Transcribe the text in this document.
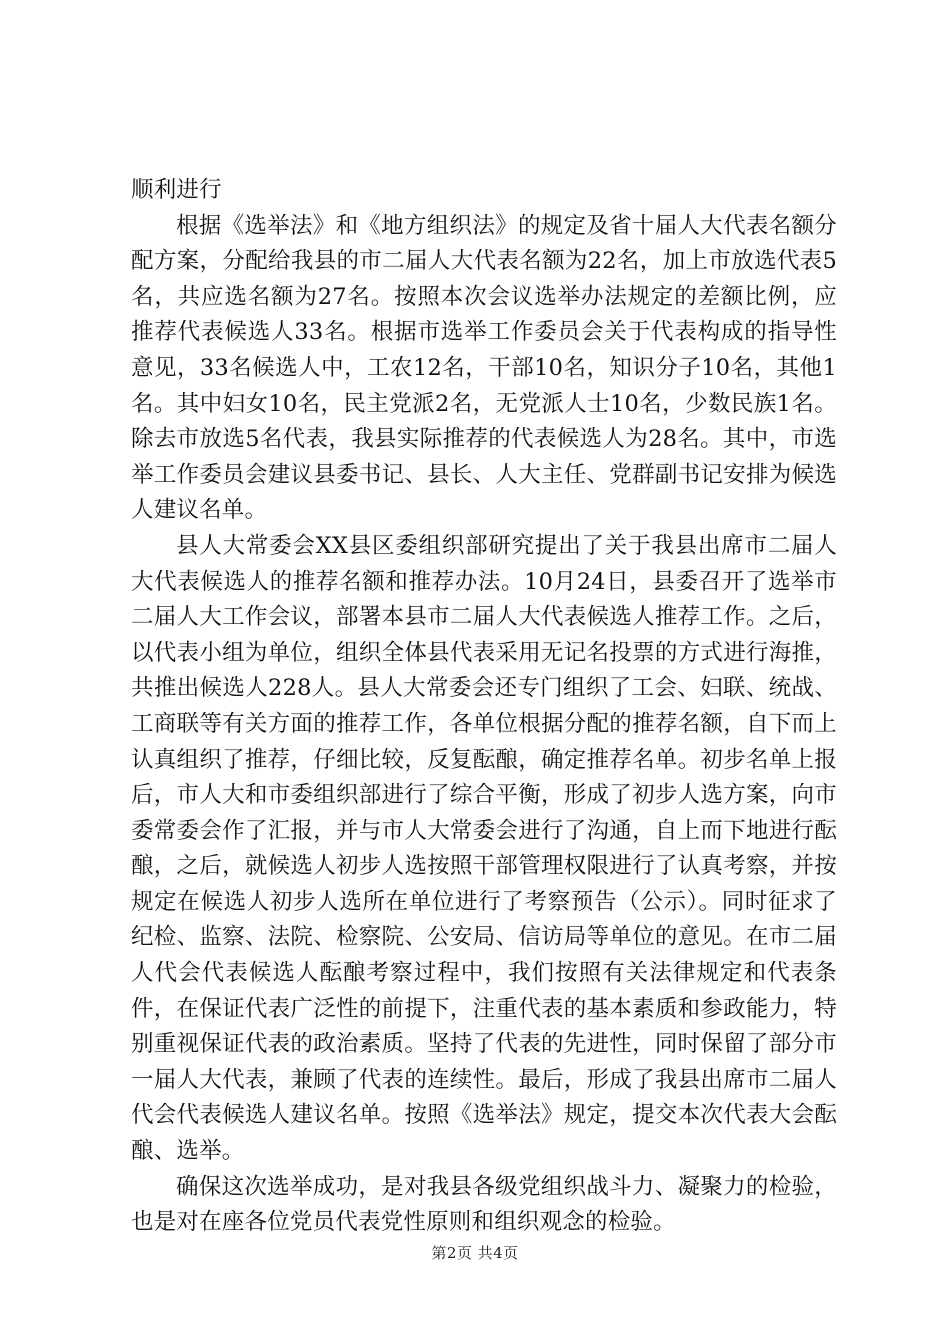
顺利进行

根据《选举法》和《地方组织法》的规定及省十届人大代表名额分配方案，分配给我县的市二届人大代表名额为22名，加上市放选代表5名，共应选名额为27名。按照本次会议选举办法规定的差额比例，应推荐代表候选人33名。根据市选举工作委员会关于代表构成的指导性意见，33名候选人中，工农12名，干部10名，知识分子10名，其他1名。其中妇女10名，民主党派2名，无党派人士10名，少数民族1名。除去市放选5名代表，我县实际推荐的代表候选人为28名。其中，市选举工作委员会建议县委书记、县长、人大主任、党群副书记安排为候选人建议名单。

县人大常委会XX县区委组织部研究提出了关于我县出席市二届人大代表候选人的推荐名额和推荐办法。10月24日，县委召开了选举市二届人大工作会议，部署本县市二届人大代表候选人推荐工作。之后，以代表小组为单位，组织全体县代表采用无记名投票的方式进行海推，共推出候选人228人。县人大常委会还专门组织了工会、妇联、统战、工商联等有关方面的推荐工作，各单位根据分配的推荐名额，自下而上认真组织了推荐，仔细比较，反复酝酿，确定推荐名单。初步名单上报后，市人大和市委组织部进行了综合平衡，形成了初步人选方案，向市委常委会作了汇报，并与市人大常委会进行了沟通，自上而下地进行酝酿，之后，就候选人初步人选按照干部管理权限进行了认真考察，并按规定在候选人初步人选所在单位进行了考察预告（公示）。同时征求了纪检、监察、法院、检察院、公安局、信访局等单位的意见。在市二届人代会代表候选人酝酿考察过程中，我们按照有关法律规定和代表条件，在保证代表广泛性的前提下，注重代表的基本素质和参政能力，特别重视保证代表的政治素质。坚持了代表的先进性，同时保留了部分市一届人大代表，兼顾了代表的连续性。最后，形成了我县出席市二届人代会代表候选人建议名单。按照《选举法》规定，提交本次代表大会酝酿、选举。

确保这次选举成功，是对我县各级党组织战斗力、凝聚力的检验，也是对在座各位党员代表党性原则和组织观念的检验。

第2页 共4页
